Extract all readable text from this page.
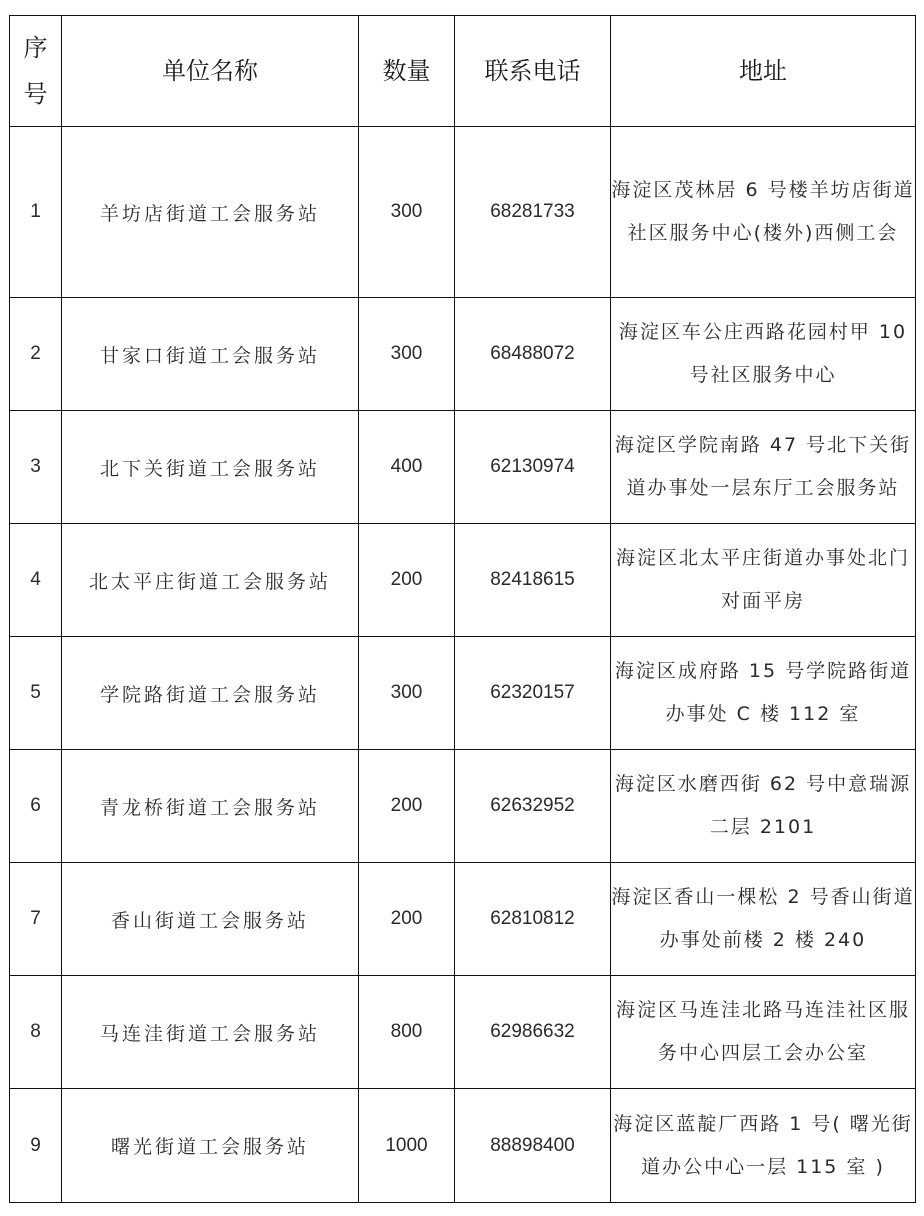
序号	单位名称	数量	联系电话	地址
1	羊坊店街道工会服务站	300	68281733	海淀区茂林居 6 号楼羊坊店街道社区服务中心(楼外)西侧工会
2	甘家口街道工会服务站	300	68488072	海淀区车公庄西路花园村甲 10 号社区服务中心
3	北下关街道工会服务站	400	62130974	海淀区学院南路 47 号北下关街道办事处一层东厅工会服务站
4	北太平庄街道工会服务站	200	82418615	海淀区北太平庄街道办事处北门对面平房
5	学院路街道工会服务站	300	62320157	海淀区成府路 15 号学院路街道办事处 C 楼 112 室
6	青龙桥街道工会服务站	200	62632952	海淀区水磨西街 62 号中意瑞源二层 2101
7	香山街道工会服务站	200	62810812	海淀区香山一棵松 2 号香山街道办事处前楼 2 楼 240
8	马连洼街道工会服务站	800	62986632	海淀区马连洼北路马连洼社区服务中心四层工会办公室
9	曙光街道工会服务站	1000	88898400	海淀区蓝靛厂西路 1 号( 曙光街道办公中心一层 115 室 )
